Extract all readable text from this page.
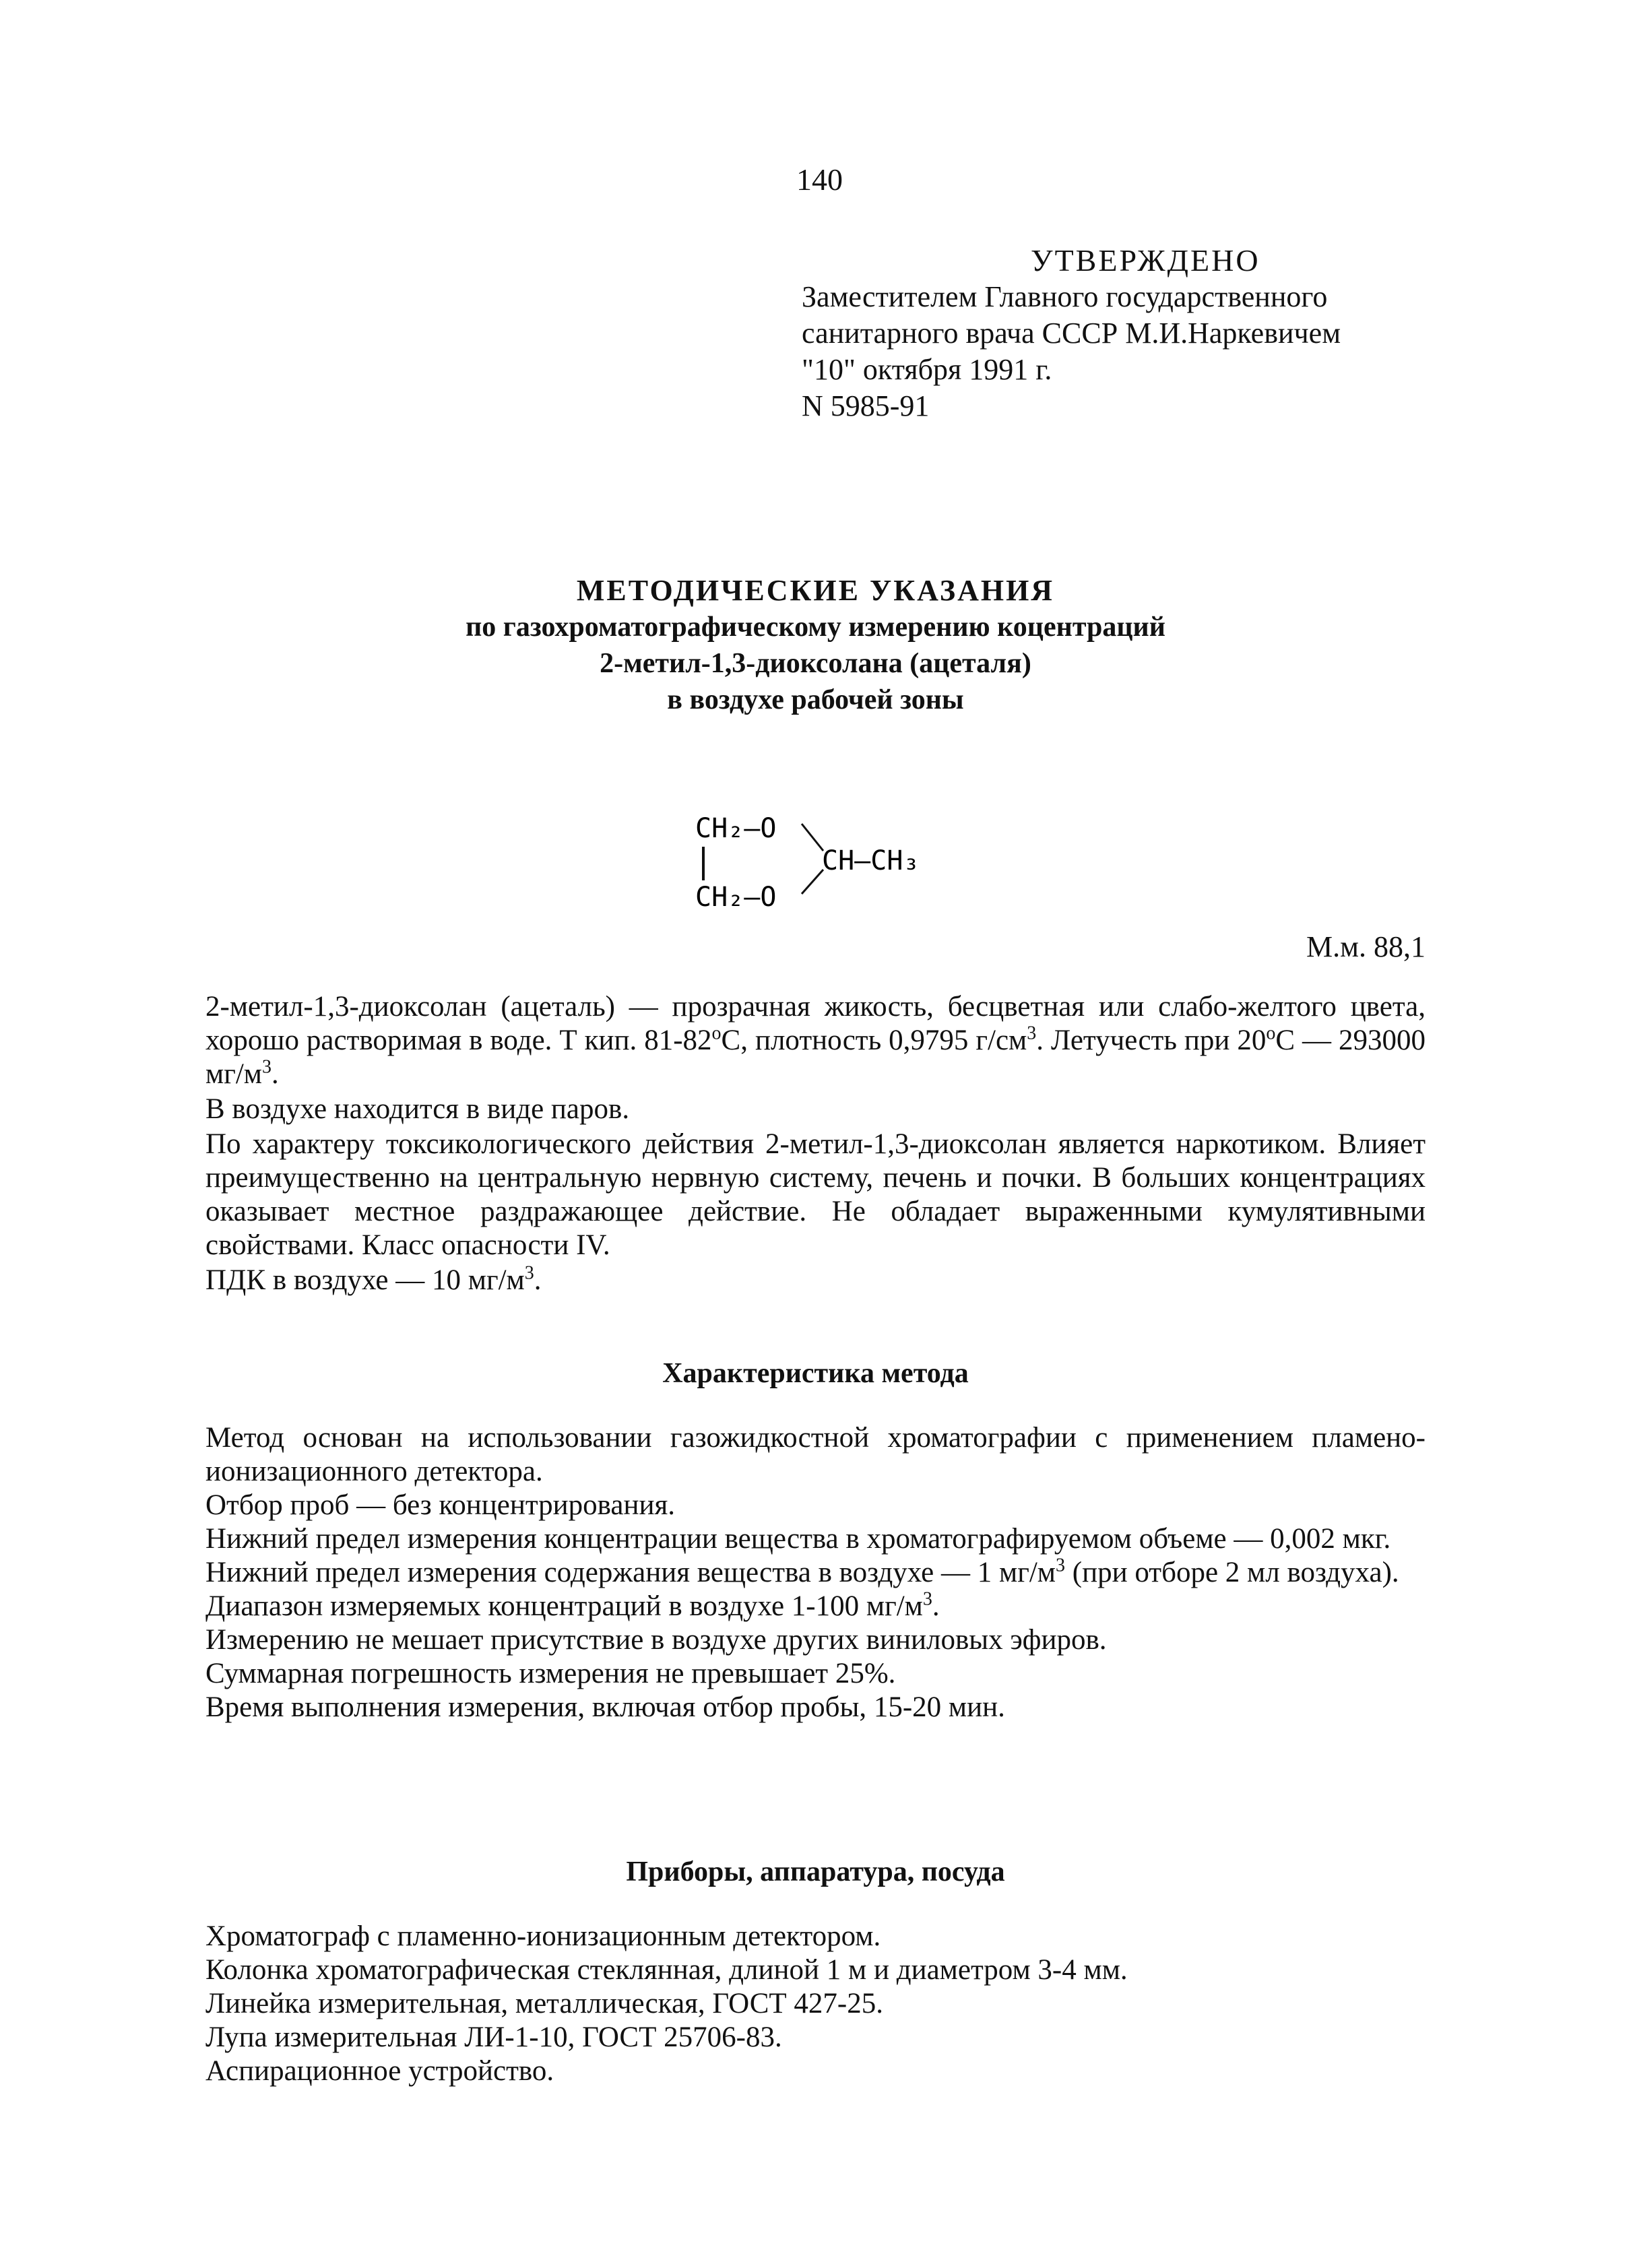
140
УТВЕРЖДЕНО
Заместителем Главного государственного
санитарного врача СССР М.И.Наркевичем
"10" октября 1991 г.
N 5985-91
МЕТОДИЧЕСКИЕ УКАЗАНИЯ
по газохроматографическому измерению коцентраций
2-метил-1,3-диоксолана (ацеталя)
в воздухе рабочей зоны
CH₂—O
CH₂—O
CH—CH₃
М.м. 88,1

2-метил-1,3-диоксолан (ацеталь) — прозрачная жикость, бесцветная или слабо-желтого цвета, хорошо растворимая в воде. Т кип. $81-82^оС$, плотность 0,9795 $г/см^3$. Летучесть при $20^оС$ — 293000 $мг/м^3$.

В воздухе находится в виде паров.

По характеру токсикологического действия 2-метил-1,3-диоксолан является наркотиком. Влияет преимущественно на центральную нервную систему, печень и почки. В больших концентрациях оказывает местное раздражающее действие. Не обладает выраженными кумулятивными свойствами. Класс опасности IV.

ПДК в воздухе — 10 $мг/м^3$.

Характеристика метода

Метод основан на использовании газожидкостной хроматографии с применением пламено-ионизационного детектора.

Отбор проб — без концентрирования.

Нижний предел измерения концентрации вещества в хроматографируемом объеме — 0,002 мкг.

Нижний предел измерения содержания вещества в воздухе — 1 $мг/м^3$ (при отборе 2 мл воздуха).

Диапазон измеряемых концентраций в воздухе 1-100 $мг/м^3$.

Измерению не мешает присутствие в воздухе других виниловых эфиров.

Суммарная погрешность измерения не превышает 25%.

Время выполнения измерения, включая отбор пробы, 15-20 мин.

Приборы, аппаратура, посуда
Хроматограф с пламенно-ионизационным детектором.
Колонка хроматографическая стеклянная, длиной 1 м и диаметром 3-4 мм.
Линейка измерительная, металлическая, ГОСТ 427-25.
Лупа измерительная ЛИ-1-10, ГОСТ 25706-83.
Аспирационное устройство.
